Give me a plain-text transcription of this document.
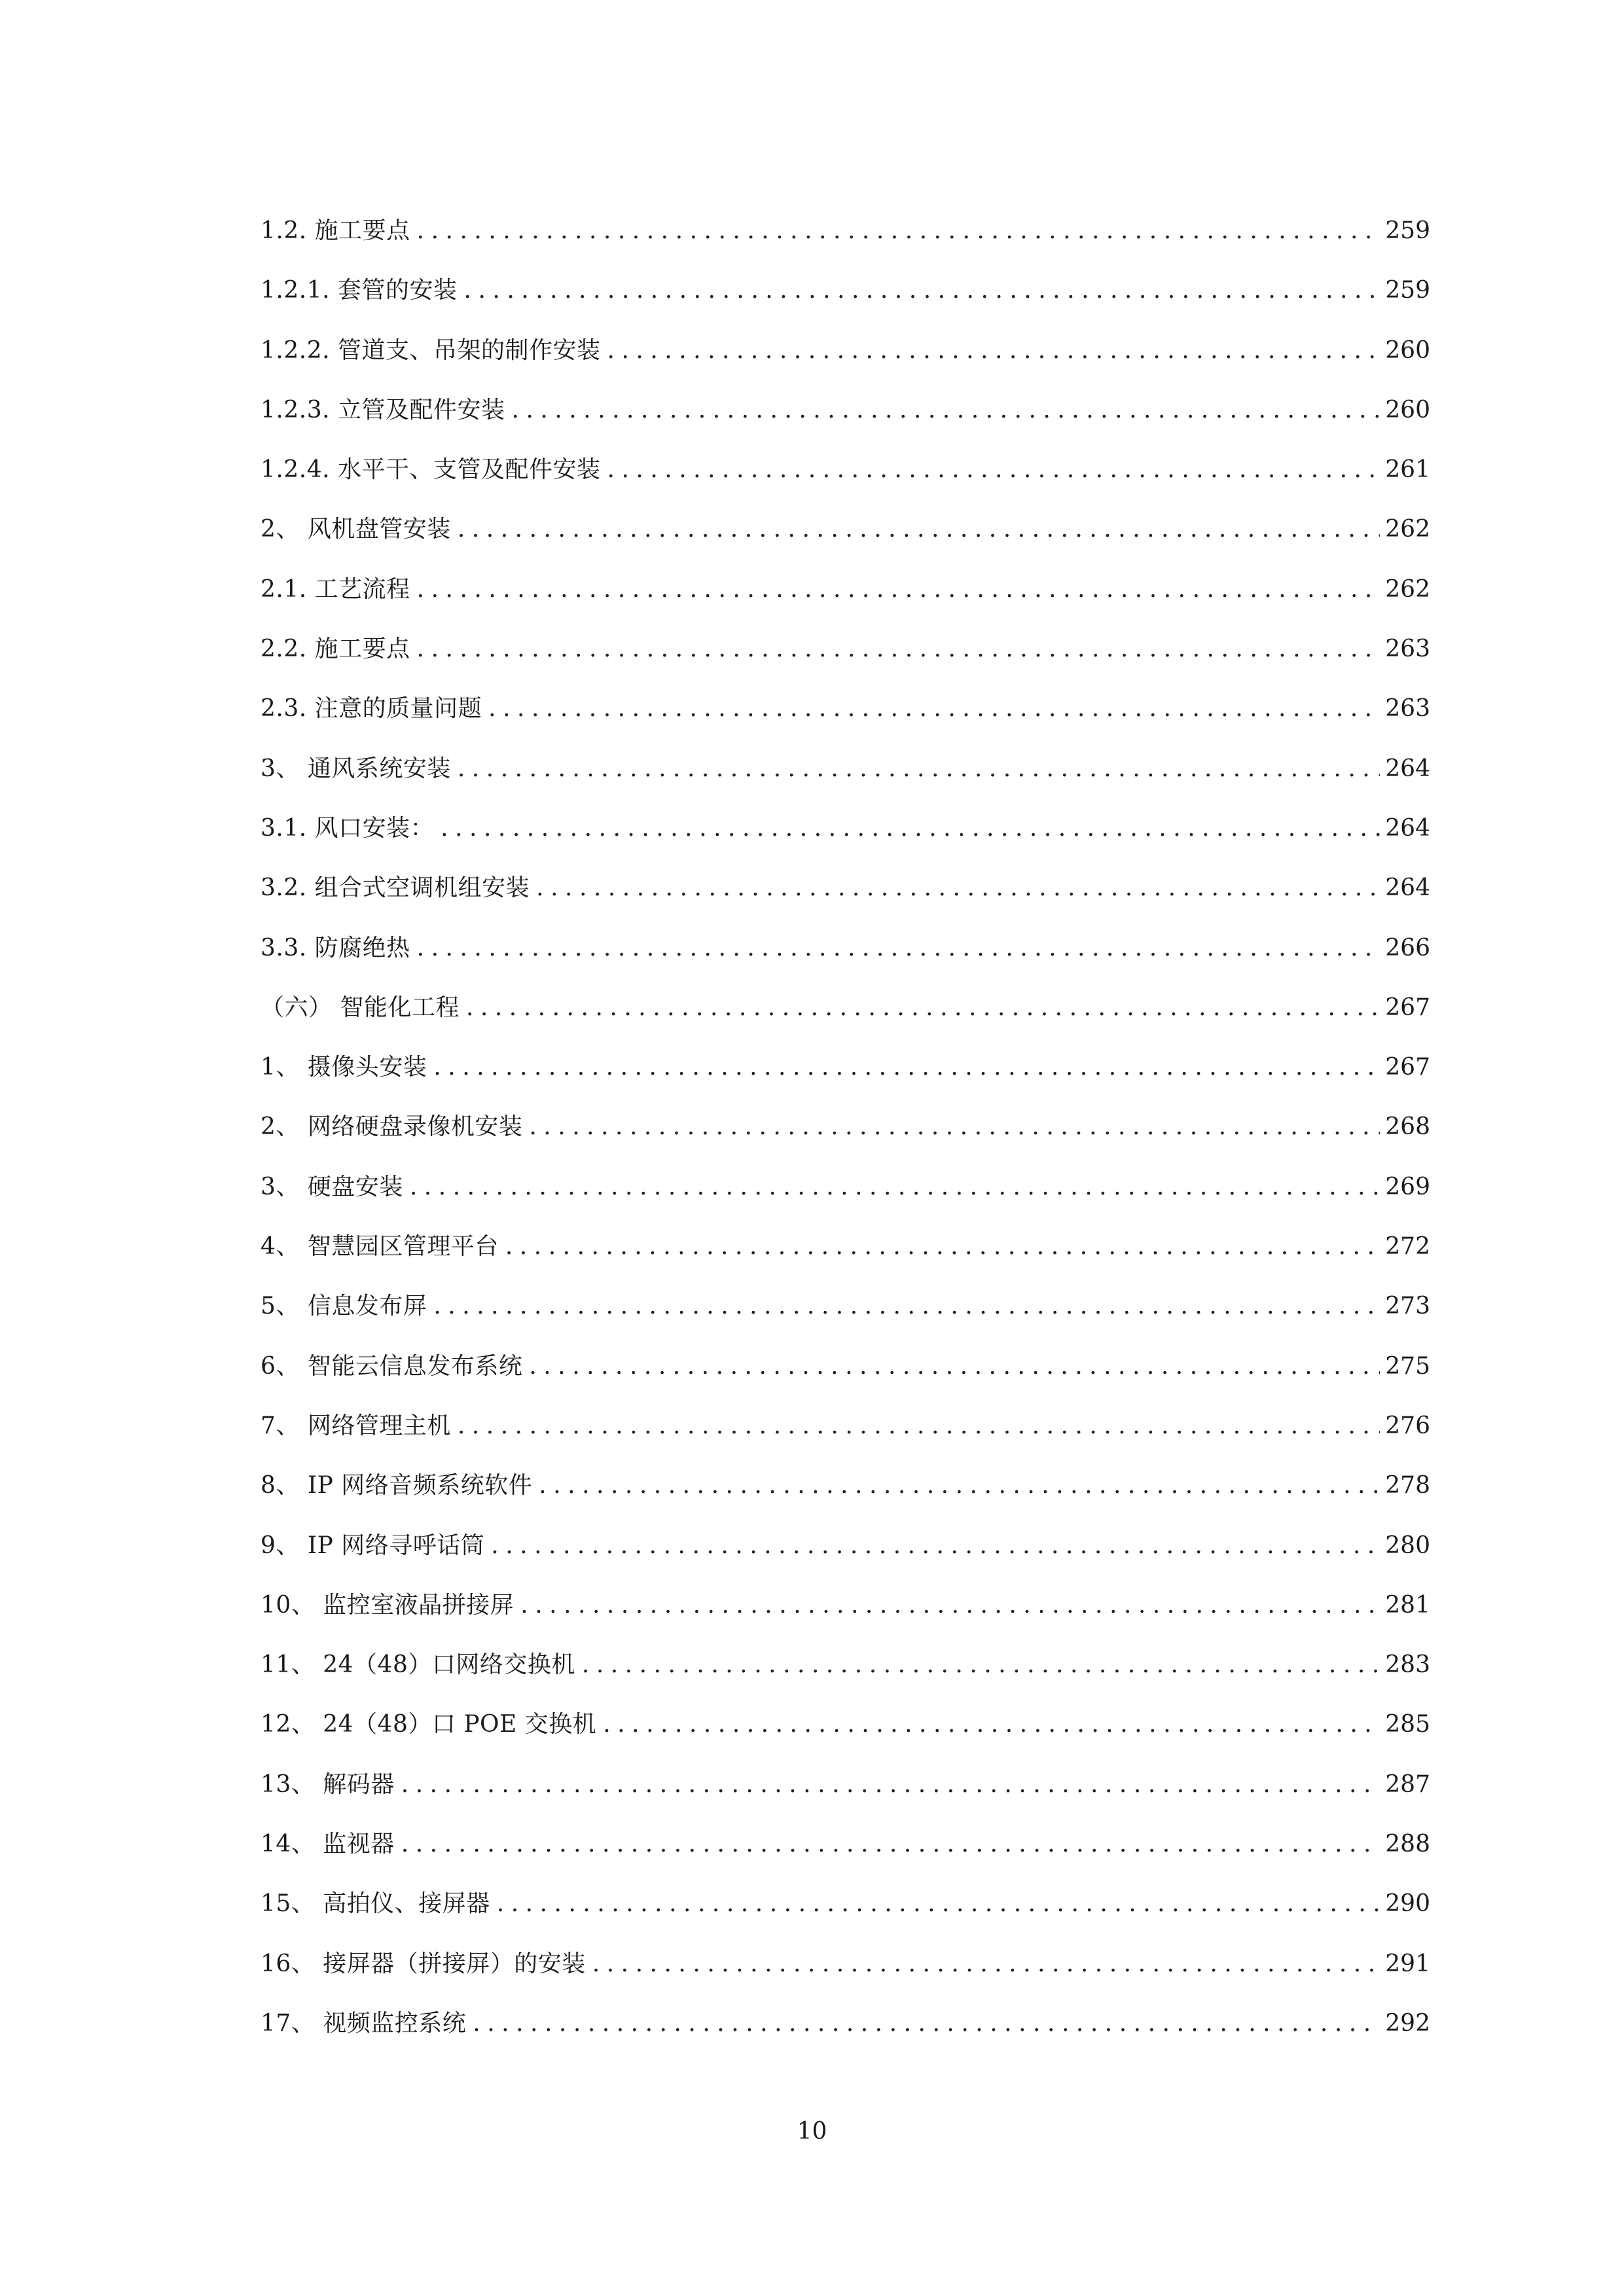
1.2. 施工要点 .....	259
1.2.1. 套管的安装 .....	259
1.2.2. 管道支、吊架的制作安装 .....	260
1.2.3. 立管及配件安装 .....	260
1.2.4. 水平干、支管及配件安装 .....	261
2、 风机盘管安装 .....	262
2.1. 工艺流程 .....	262
2.2. 施工要点 .....	263
2.3. 注意的质量问题 .....	263
3、 通风系统安装 .....	264
3.1. 风口安装： .....	264
3.2. 组合式空调机组安装 .....	264
3.3. 防腐绝热 .....	266
（六） 智能化工程 .....	267
1、 摄像头安装 .....	267
2、 网络硬盘录像机安装 .....	268
3、 硬盘安装 .....	269
4、 智慧园区管理平台 .....	272
5、 信息发布屏 .....	273
6、 智能云信息发布系统 .....	275
7、 网络管理主机 .....	276
8、 IP 网络音频系统软件 .....	278
9、 IP 网络寻呼话筒 .....	280
10、 监控室液晶拼接屏 .....	281
11、 24（48）口网络交换机 .....	283
12、 24（48）口 POE 交换机 .....	285
13、 解码器 .....	287
14、 监视器 .....	288
15、 高拍仪、接屏器 .....	290
16、 接屏器（拼接屏）的安装 .....	291
17、 视频监控系统 .....	292
10
